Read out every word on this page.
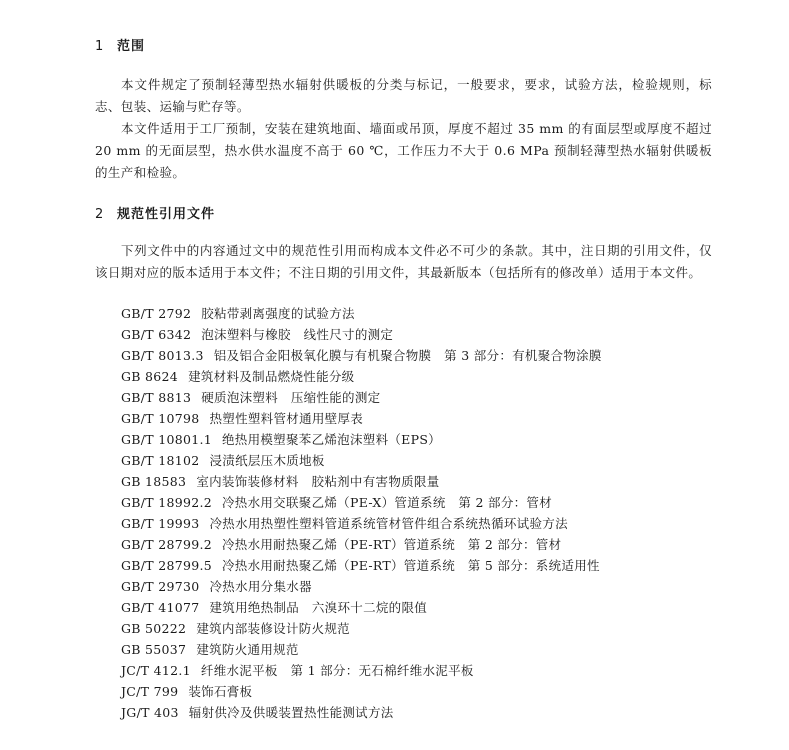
1 范围
本文件规定了预制轻薄型热水辐射供暖板的分类与标记，一般要求，要求，试验方法，检验规则，标志、包装、运输与贮存等。
本文件适用于工厂预制，安装在建筑地面、墙面或吊顶，厚度不超过 35 mm 的有面层型或厚度不超过 20 mm 的无面层型，热水供水温度不高于 60 ℃，工作压力不大于 0.6 MPa 预制轻薄型热水辐射供暖板的生产和检验。
2 规范性引用文件
下列文件中的内容通过文中的规范性引用而构成本文件必不可少的条款。其中，注日期的引用文件，仅该日期对应的版本适用于本文件；不注日期的引用文件，其最新版本（包括所有的修改单）适用于本文件。
GB/T 2792 胶粘带剥离强度的试验方法
GB/T 6342 泡沫塑料与橡胶　线性尺寸的测定
GB/T 8013.3 铝及铝合金阳极氧化膜与有机聚合物膜　第 3 部分：有机聚合物涂膜
GB 8624 建筑材料及制品燃烧性能分级
GB/T 8813 硬质泡沫塑料　压缩性能的测定
GB/T 10798 热塑性塑料管材通用壁厚表
GB/T 10801.1 绝热用模塑聚苯乙烯泡沫塑料（EPS）
GB/T 18102 浸渍纸层压木质地板
GB 18583 室内装饰装修材料　胶粘剂中有害物质限量
GB/T 18992.2 冷热水用交联聚乙烯（PE-X）管道系统　第 2 部分：管材
GB/T 19993 冷热水用热塑性塑料管道系统管材管件组合系统热循环试验方法
GB/T 28799.2 冷热水用耐热聚乙烯（PE-RT）管道系统　第 2 部分：管材
GB/T 28799.5 冷热水用耐热聚乙烯（PE-RT）管道系统　第 5 部分：系统适用性
GB/T 29730 冷热水用分集水器
GB/T 41077 建筑用绝热制品　六溴环十二烷的限值
GB 50222 建筑内部装修设计防火规范
GB 55037 建筑防火通用规范
JC/T 412.1 纤维水泥平板　第 1 部分：无石棉纤维水泥平板
JC/T 799 装饰石膏板
JG/T 403 辐射供冷及供暖装置热性能测试方法
